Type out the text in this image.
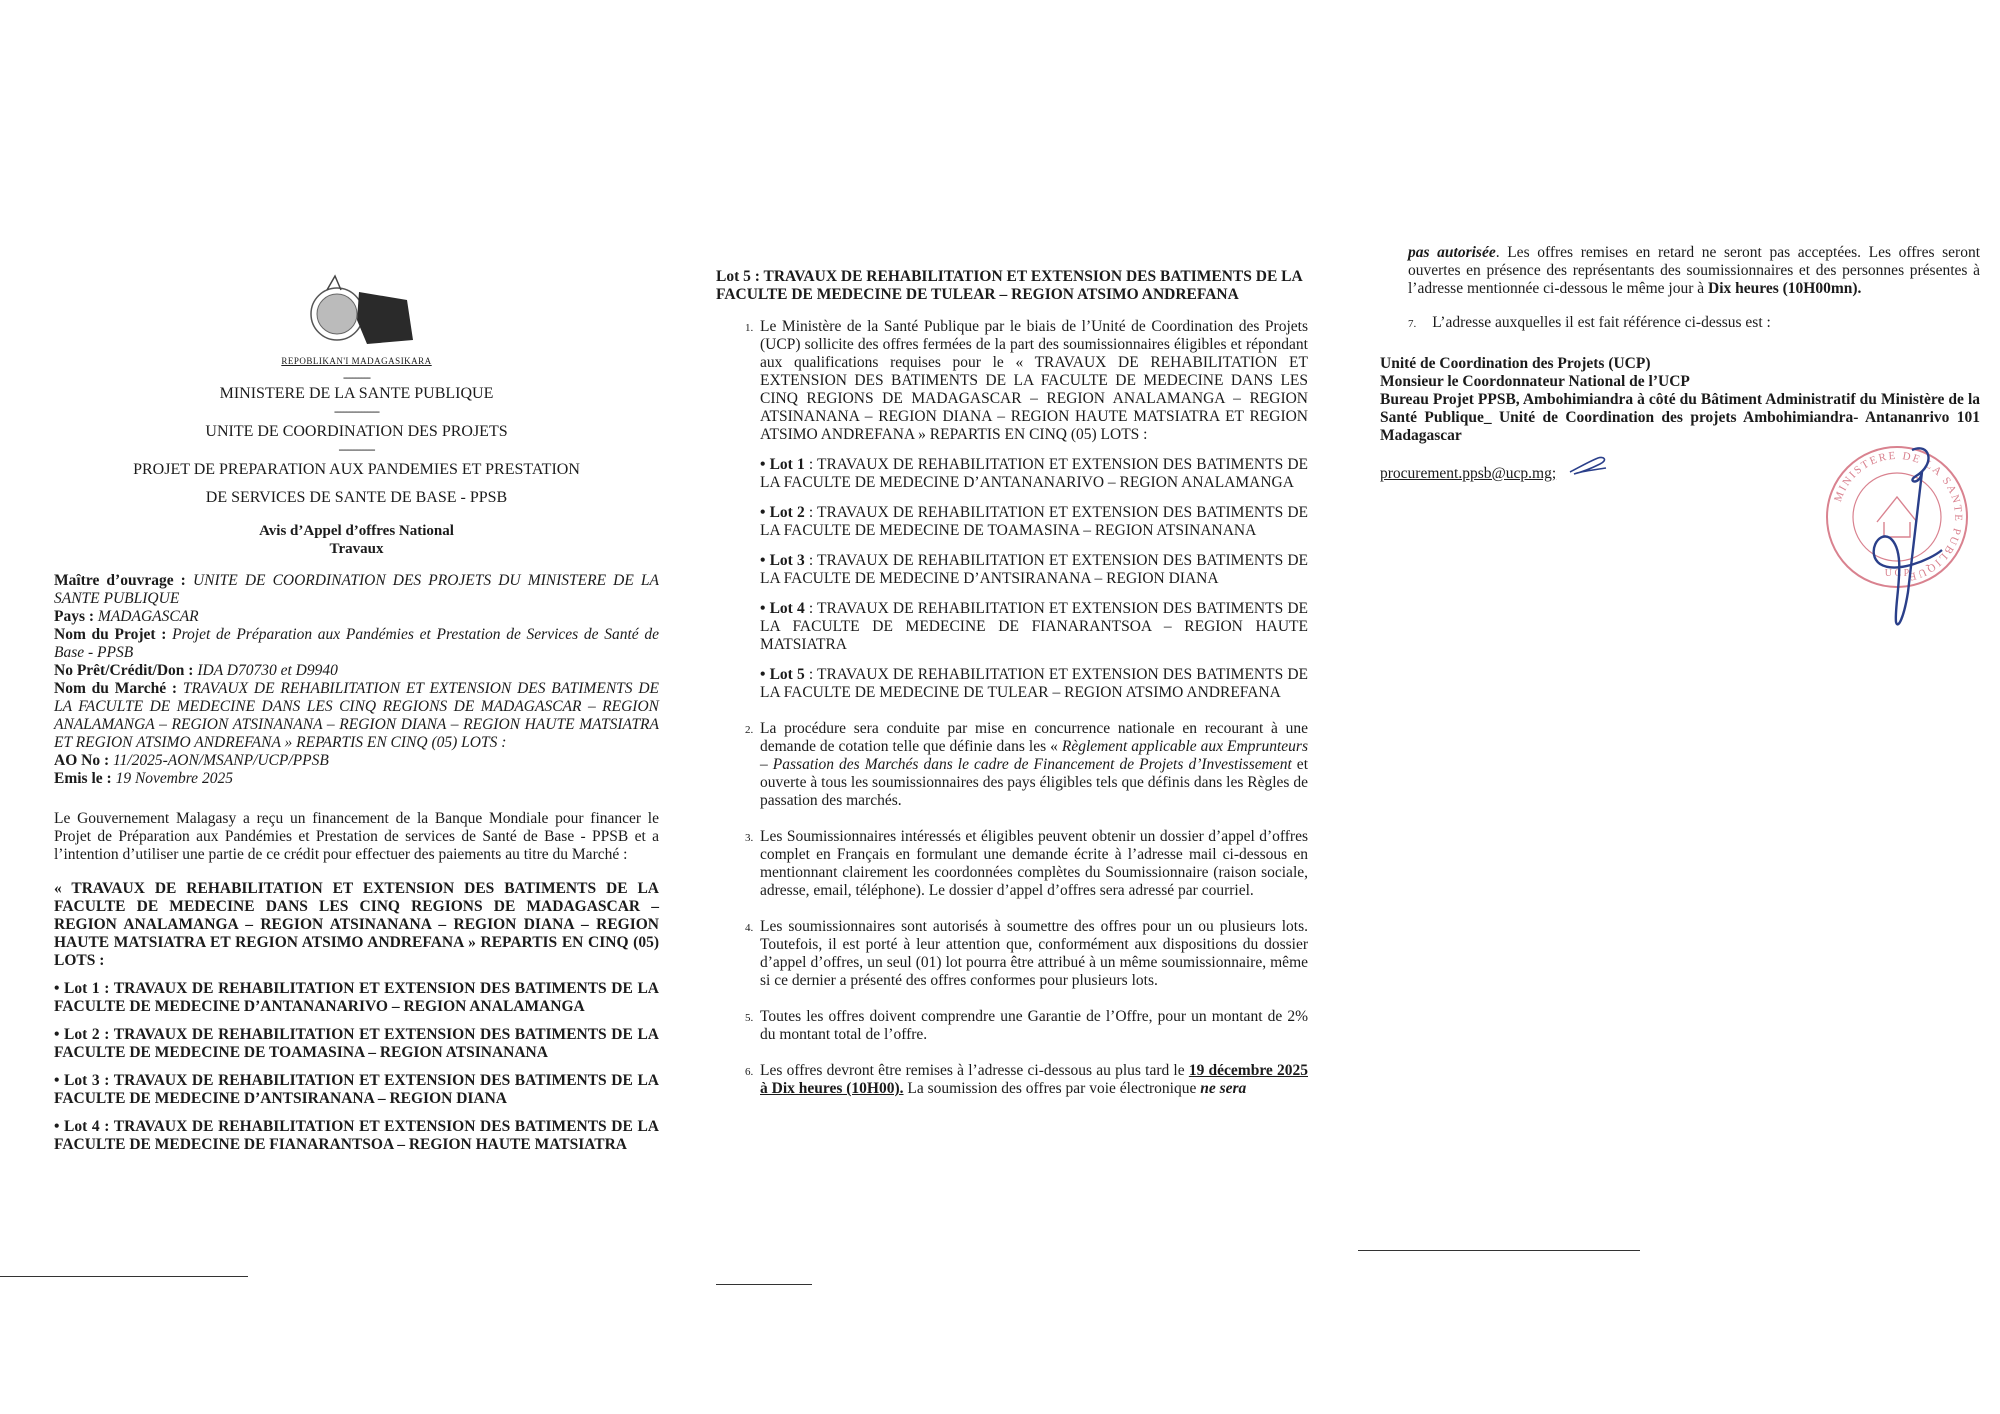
REPOBLIKAN'I MADAGASIKARA
---------
MINISTERE DE LA SANTE PUBLIQUE
---------------
UNITE DE COORDINATION DES PROJETS
------------
PROJET DE PREPARATION AUX PANDEMIES ET PRESTATION
DE SERVICES DE SANTE DE BASE - PPSB
Avis d’Appel d’offres National
Travaux

Maître d’ouvrage : UNITE DE COORDINATION DES PROJETS DU MINISTERE DE LA SANTE PUBLIQUE

Pays : MADAGASCAR

Nom du Projet : Projet de Préparation aux Pandémies et Prestation de Services de Santé de Base - PPSB

No Prêt/Crédit/Don : IDA D70730 et D9940

Nom du Marché : TRAVAUX DE REHABILITATION ET EXTENSION DES BATIMENTS DE LA FACULTE DE MEDECINE DANS LES CINQ REGIONS DE MADAGASCAR – REGION ANALAMANGA – REGION ATSINANANA – REGION DIANA – REGION HAUTE MATSIATRA ET REGION ATSIMO ANDREFANA » REPARTIS EN CINQ (05) LOTS :

AO No : 11/2025-AON/MSANP/UCP/PPSB

Emis le : 19 Novembre 2025

Le Gouvernement Malagasy a reçu un financement de la Banque Mondiale pour financer le Projet de Préparation aux Pandémies et Prestation de services de Santé de Base - PPSB et a l’intention d’utiliser une partie de ce crédit pour effectuer des paiements au titre du Marché :

« TRAVAUX DE REHABILITATION ET EXTENSION DES BATIMENTS DE LA FACULTE DE MEDECINE DANS LES CINQ REGIONS DE MADAGASCAR – REGION ANALAMANGA – REGION ATSINANANA – REGION DIANA – REGION HAUTE MATSIATRA ET REGION ATSIMO ANDREFANA » REPARTIS EN CINQ (05) LOTS :

• Lot 1 : TRAVAUX DE REHABILITATION ET EXTENSION DES BATIMENTS DE LA FACULTE DE MEDECINE D’ANTANANARIVO – REGION ANALAMANGA

• Lot 2 : TRAVAUX DE REHABILITATION ET EXTENSION DES BATIMENTS DE LA FACULTE DE MEDECINE DE TOAMASINA – REGION ATSINANANA

• Lot 3 : TRAVAUX DE REHABILITATION ET EXTENSION DES BATIMENTS DE LA FACULTE DE MEDECINE D’ANTSIRANANA – REGION DIANA

• Lot 4 : TRAVAUX DE REHABILITATION ET EXTENSION DES BATIMENTS DE LA FACULTE DE MEDECINE DE FIANARANTSOA – REGION HAUTE MATSIATRA

Lot 5 : TRAVAUX DE REHABILITATION ET EXTENSION DES BATIMENTS DE LA FACULTE DE MEDECINE DE TULEAR – REGION ATSIMO ANDREFANA

1. Le Ministère de la Santé Publique par le biais de l’Unité de Coordination des Projets (UCP) sollicite des offres fermées de la part des soumissionnaires éligibles et répondant aux qualifications requises pour le « TRAVAUX DE REHABILITATION ET EXTENSION DES BATIMENTS DE LA FACULTE DE MEDECINE DANS LES CINQ REGIONS DE MADAGASCAR – REGION ANALAMANGA – REGION ATSINANANA – REGION DIANA – REGION HAUTE MATSIATRA ET REGION ATSIMO ANDREFANA » REPARTIS EN CINQ (05) LOTS :

• Lot 1 : TRAVAUX DE REHABILITATION ET EXTENSION DES BATIMENTS DE LA FACULTE DE MEDECINE D’ANTANANARIVO – REGION ANALAMANGA

• Lot 2 : TRAVAUX DE REHABILITATION ET EXTENSION DES BATIMENTS DE LA FACULTE DE MEDECINE DE TOAMASINA – REGION ATSINANANA

• Lot 3 : TRAVAUX DE REHABILITATION ET EXTENSION DES BATIMENTS DE LA FACULTE DE MEDECINE D’ANTSIRANANA – REGION DIANA

• Lot 4 : TRAVAUX DE REHABILITATION ET EXTENSION DES BATIMENTS DE LA FACULTE DE MEDECINE DE FIANARANTSOA – REGION HAUTE MATSIATRA

• Lot 5 : TRAVAUX DE REHABILITATION ET EXTENSION DES BATIMENTS DE LA FACULTE DE MEDECINE DE TULEAR – REGION ATSIMO ANDREFANA

2. La procédure sera conduite par mise en concurrence nationale en recourant à une demande de cotation telle que définie dans les « Règlement applicable aux Emprunteurs – Passation des Marchés dans le cadre de Financement de Projets d’Investissement et ouverte à tous les soumissionnaires des pays éligibles tels que définis dans les Règles de passation des marchés.
3. Les Soumissionnaires intéressés et éligibles peuvent obtenir un dossier d’appel d’offres complet en Français en formulant une demande écrite à l’adresse mail ci-dessous en mentionnant clairement les coordonnées complètes du Soumissionnaire (raison sociale, adresse, email, téléphone). Le dossier d’appel d’offres sera adressé par courriel.
4. Les soumissionnaires sont autorisés à soumettre des offres pour un ou plusieurs lots. Toutefois, il est porté à leur attention que, conformément aux dispositions du dossier d’appel d’offres, un seul (01) lot pourra être attribué à un même soumissionnaire, même si ce dernier a présenté des offres conformes pour plusieurs lots.
5. Toutes les offres doivent comprendre une Garantie de l’Offre, pour un montant de 2% du montant total de l’offre.
6. Les offres devront être remises à l’adresse ci-dessous au plus tard le 19 décembre 2025 à Dix heures (10H00). La soumission des offres par voie électronique ne sera

pas autorisée. Les offres remises en retard ne seront pas acceptées. Les offres seront ouvertes en présence des représentants des soumissionnaires et des personnes présentes à l’adresse mentionnée ci-dessous le même jour à Dix heures (10H00mn).

7. L’adresse auxquelles il est fait référence ci-dessus est :

Unité de Coordination des Projets (UCP)

Monsieur le Coordonnateur National de l’UCP

Bureau Projet PPSB, Ambohimiandra à côté du Bâtiment Administratif du Ministère de la Santé Publique_ Unité de Coordination des projets Ambohimiandra- Antananrivo 101 Madagascar

procurement.ppsb@ucp.mg;
MINISTERE DE LA SANTE PUBLIQUE
U C P
